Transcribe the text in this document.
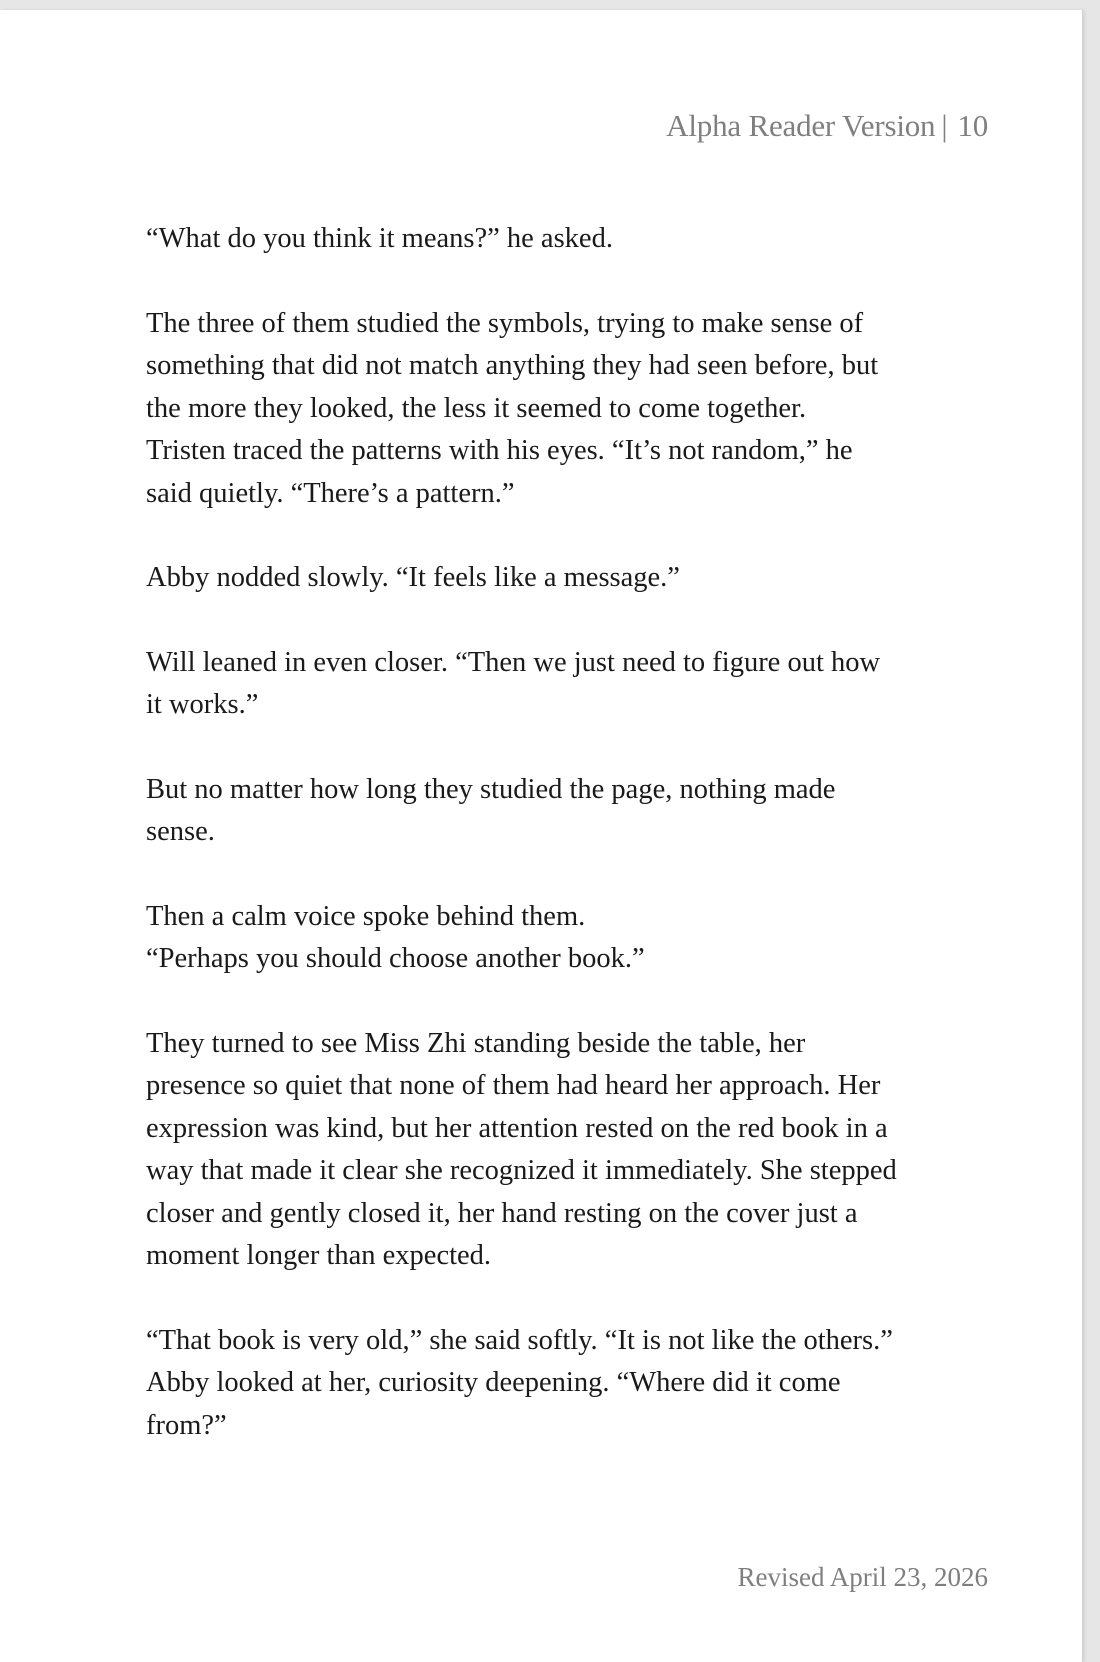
Alpha Reader Version | 10
“What do you think it means?” he asked.
The three of them studied the symbols, trying to make sense of
something that did not match anything they had seen before, but
the more they looked, the less it seemed to come together.
Tristen traced the patterns with his eyes. “It’s not random,” he
said quietly. “There’s a pattern.”
Abby nodded slowly. “It feels like a message.”
Will leaned in even closer. “Then we just need to figure out how
it works.”
But no matter how long they studied the page, nothing made
sense.
Then a calm voice spoke behind them.
“Perhaps you should choose another book.”
They turned to see Miss Zhi standing beside the table, her
presence so quiet that none of them had heard her approach. Her
expression was kind, but her attention rested on the red book in a
way that made it clear she recognized it immediately. She stepped
closer and gently closed it, her hand resting on the cover just a
moment longer than expected.
“That book is very old,” she said softly. “It is not like the others.”
Abby looked at her, curiosity deepening. “Where did it come
from?”
Revised April 23, 2026
